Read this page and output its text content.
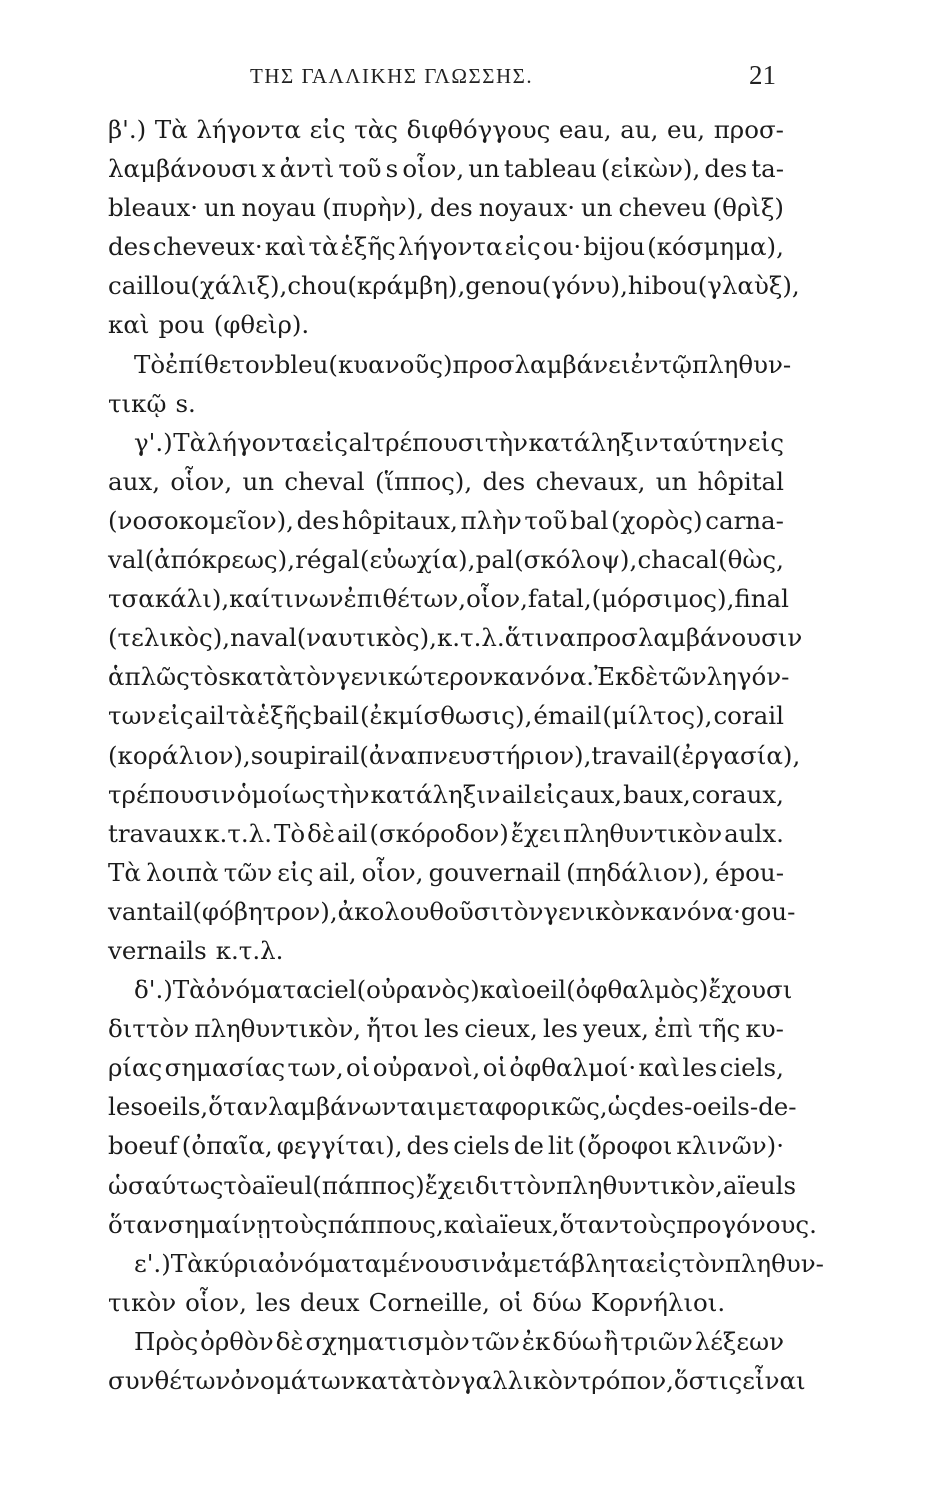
ΤΗΣ ΓΑΛΛΙΚΗΣ ΓΛΩΣΣΗΣ.	21
β'.) Τὰ λήγοντα εἰς τὰς διφθόγγους eau, au, eu, προσ-
λαμβάνουσι x ἀντὶ τοῦ s οἷον, un tableau (εἰκὼν), des ta-
bleaux· un noyau (πυρὴν), des noyaux· un cheveu (θρὶξ)
des cheveux· καὶ τὰ ἑξῆς λήγοντα εἰς ou· bijou (κόσμημα),
caillou (χάλιξ), chou (κράμβη), genou (γόνυ), hibou (γλαὺξ),
καὶ pou (φθεὶρ).
Τὸ ἐπίθετον bleu (κυανοῦς) προσλαμβάνει ἐν τῷ πληθυν-
τικῷ s.
γ'.) Τὰ λήγοντα εἰς al τρέπουσι τὴν κατάληξιν ταύτην εἰς
aux, οἷον, un cheval (ἵππος), des chevaux, un hôpital
(νοσοκομεῖον), des hôpitaux, πλὴν τοῦ bal (χορὸς) carna-
val (ἀπόκρεως), régal (εὐωχία), pal (σκόλοψ), chacal (θὼς,
τσακάλι), καί τινων ἐπιθέτων, οἷον, fatal, (μόρσιμος), final
(τελικὸς), naval (ναυτικὸς), κ.τ.λ. ἅτινα προσλαμβάνουσιν
ἁπλῶς τὸ s κατὰ τὸν γενικώτερον κανόνα. Ἐκ δὲ τῶν ληγόν-
των εἰς ail τὰ ἑξῆς bail (ἐκμίσθωσις), émail (μίλτος), corail
(κοράλιον), soupirail (ἀναπνευστήριον), travail (ἐργασία),
τρέπουσιν ὁμοίως τὴν κατάληξιν ail εἰς aux, baux, coraux,
travaux κ.τ.λ. Τὸ δὲ ail (σκόροδον) ἔχει πληθυντικὸν aulx.
Τὰ λοιπὰ τῶν εἰς ail, οἷον, gouvernail (πηδάλιον), épou-
vantail (φόβητρον), ἀκολουθοῦσι τὸν γενικὸν κανόνα· gou-
vernails κ.τ.λ.
δ'.) Τὰ ὀνόματα ciel (οὐρανὸς) καὶ oeil (ὀφθαλμὸς) ἔχουσι
διττὸν πληθυντικὸν, ἤτοι les cieux, les yeux, ἐπὶ τῆς κυ-
ρίας σημασίας των, οἱ οὐρανοὶ, οἱ ὀφθαλμοί· καὶ les ciels,
les oeils, ὅταν λαμβάνωνται μεταφορικῶς, ὡς des-oeils-de-
boeuf (ὀπαῖα, φεγγίται), des ciels de lit (ὄροφοι κλινῶν)·
ὡσαύτως τὸ aïeul (πάππος) ἔχει διττὸν πληθυντικὸν, aïeuls
ὅταν σημαίνῃ τοὺς πάππους, καὶ aïeux, ὅταν τοὺς προγόνους.
ε'.) Τὰ κύρια ὀνόματα μένουσιν ἀμετάβλητα εἰς τὸν πληθυν-
τικὸν οἷον, les deux Corneille, οἱ δύω Κορνήλιοι.
Πρὸς ὀρθὸν δὲ σχηματισμὸν τῶν ἐκ δύω ἢ τριῶν λέξεων
συνθέτων ὀνομάτων κατὰ τὸν γαλλικὸν τρόπον, ὅστις εἶναι
